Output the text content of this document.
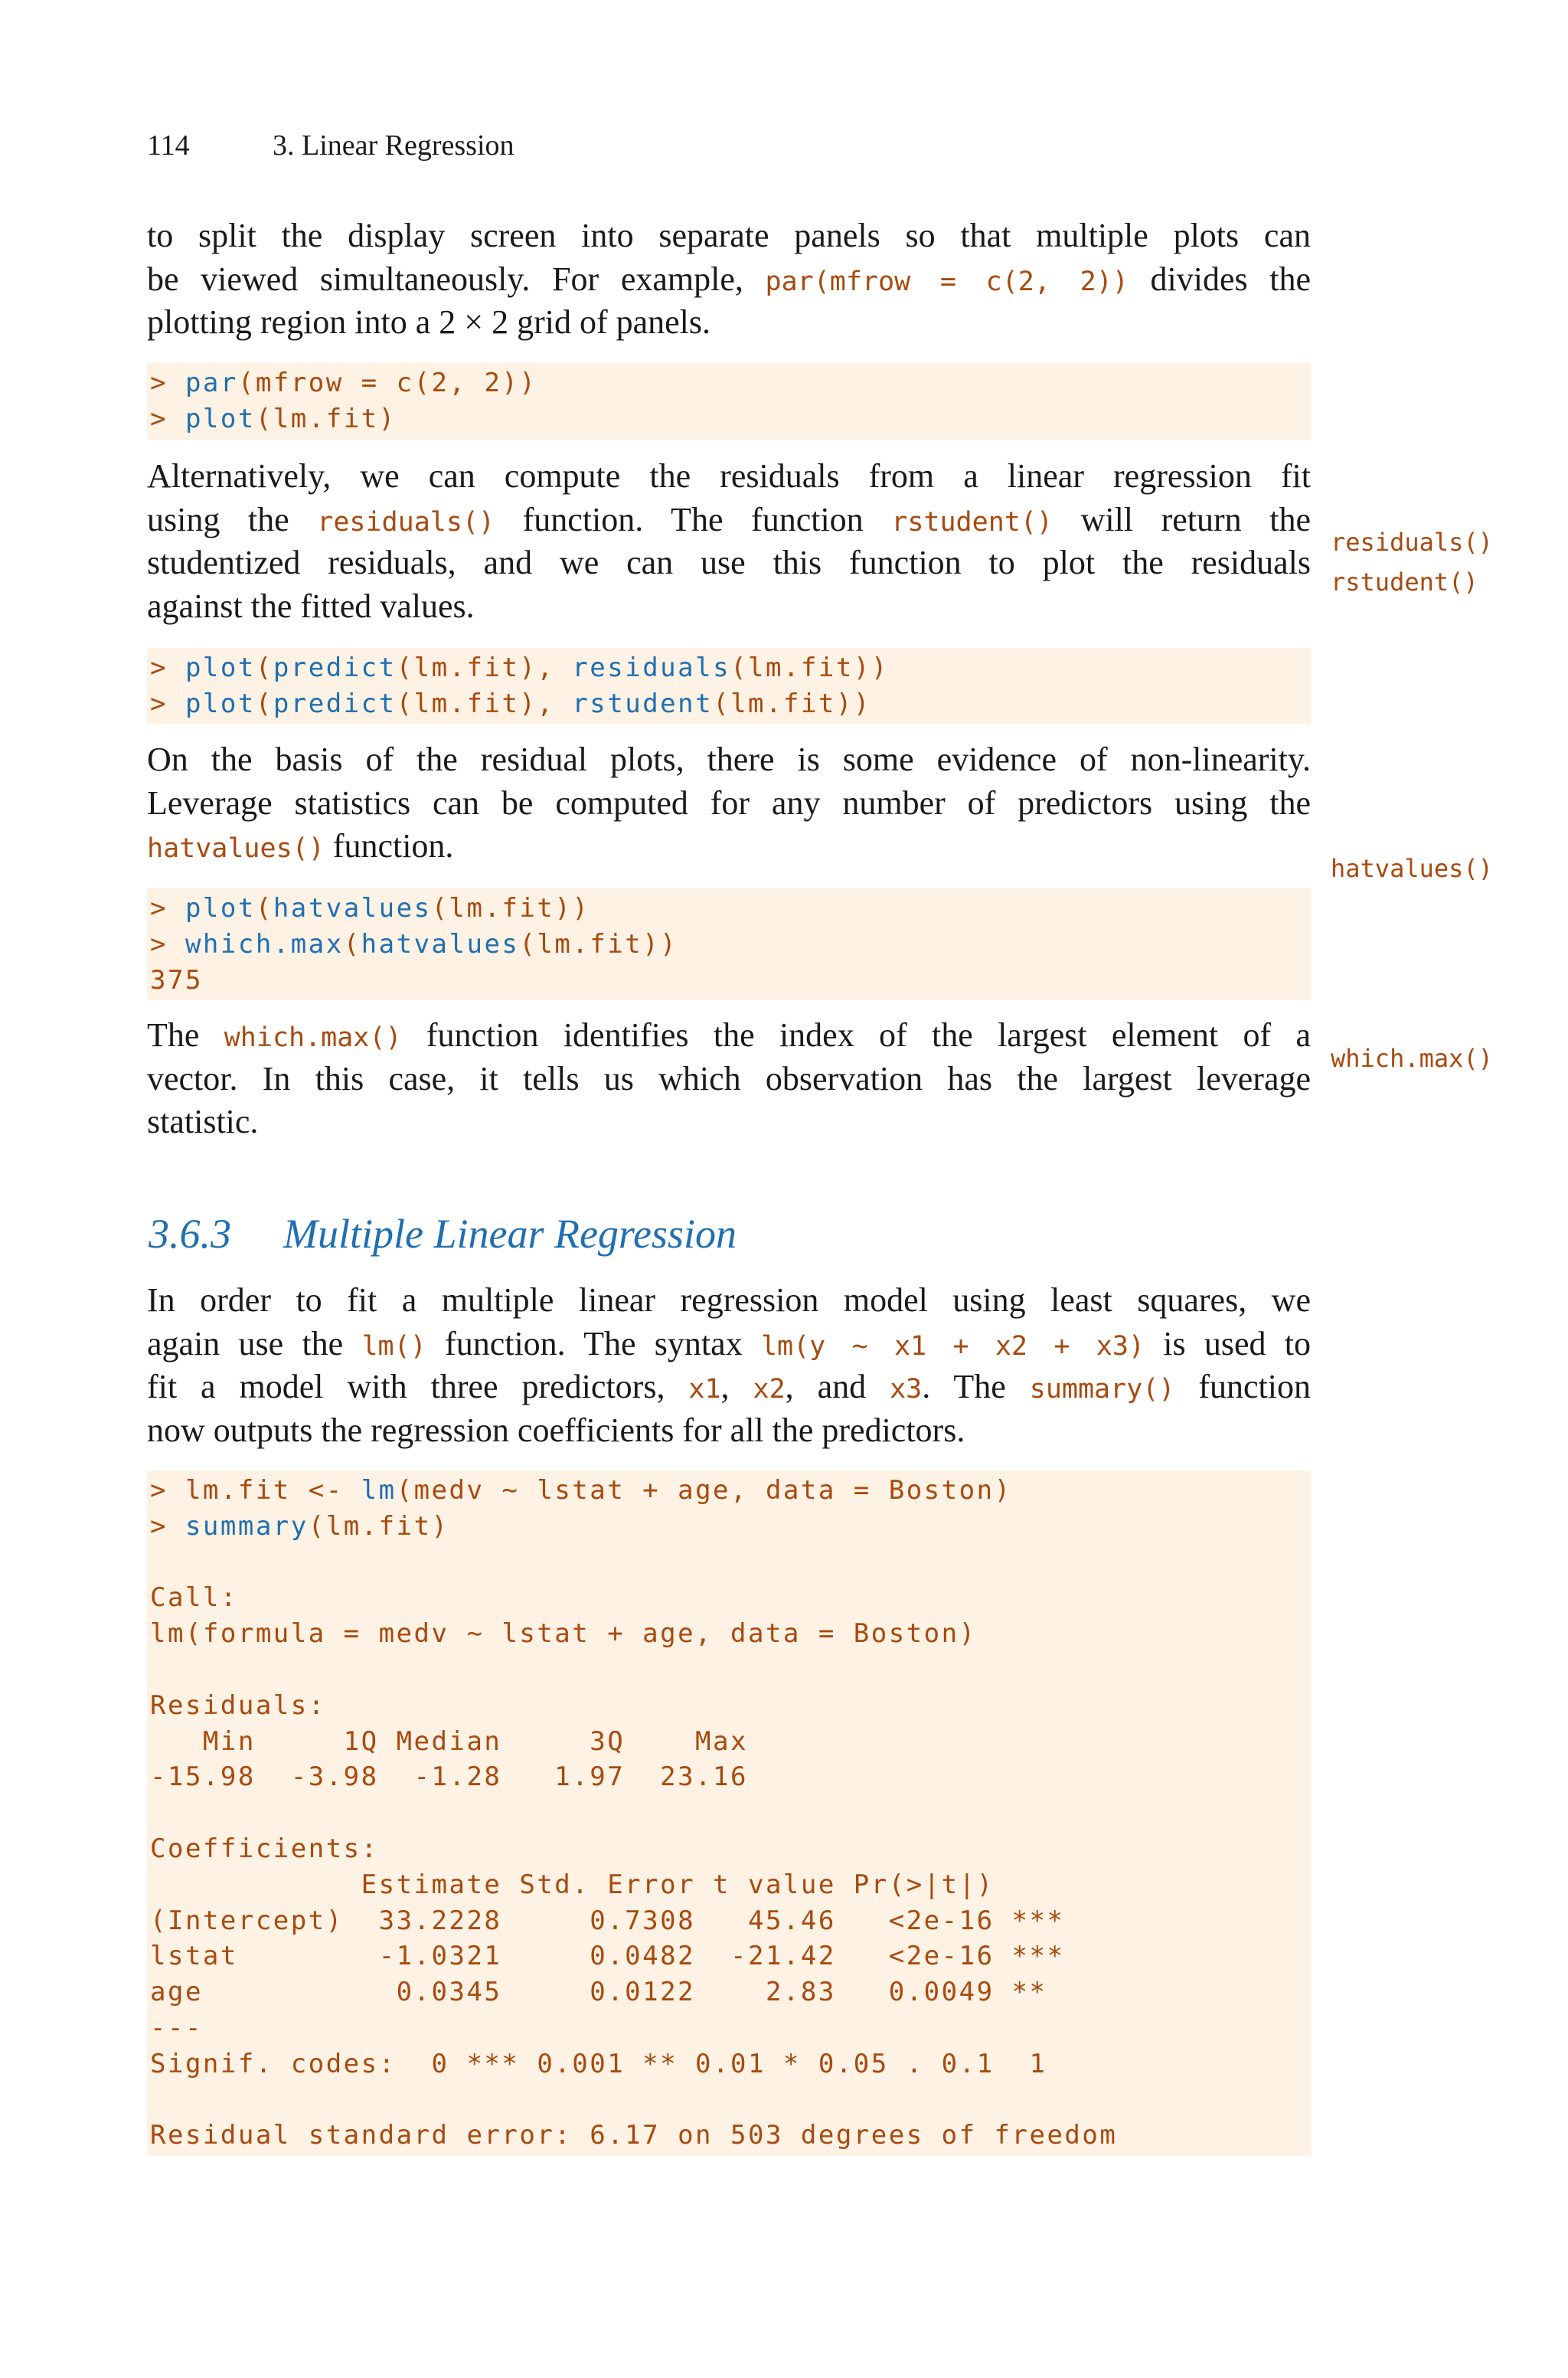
114	3. Linear Regression
to split the display screen into separate panels so that multiple plots can
be viewed simultaneously. For example, par(mfrow = c(2, 2)) divides the
plotting region into a 2 × 2 grid of panels.
> par(mfrow = c(2, 2))
> plot(lm.fit)
Alternatively, we can compute the residuals from a linear regression fit
using the residuals() function. The function rstudent() will return the
studentized residuals, and we can use this function to plot the residuals
against the fitted values.
residuals()
rstudent()
> plot(predict(lm.fit), residuals(lm.fit))
> plot(predict(lm.fit), rstudent(lm.fit))
On the basis of the residual plots, there is some evidence of non-linearity.
Leverage statistics can be computed for any number of predictors using the
hatvalues() function.
hatvalues()
> plot(hatvalues(lm.fit))
> which.max(hatvalues(lm.fit))
375
The which.max() function identifies the index of the largest element of a
vector. In this case, it tells us which observation has the largest leverage
statistic.
which.max()
3.6.3 Multiple Linear Regression
In order to fit a multiple linear regression model using least squares, we
again use the lm() function. The syntax lm(y ∼ x1 + x2 + x3) is used to
fit a model with three predictors, x1, x2, and x3. The summary() function
now outputs the regression coefficients for all the predictors.
> lm.fit <- lm(medv ∼ lstat + age, data = Boston)
> summary(lm.fit)
Call:
lm(formula = medv ∼ lstat + age, data = Boston)
Residuals:
Min     1Q Median     3Q    Max
-15.98  -3.98  -1.28   1.97  23.16
Coefficients:
Estimate Std. Error t value Pr(>|t|)
(Intercept)  33.2228     0.7308   45.46   <2e-16 ***
lstat        -1.0321     0.0482  -21.42   <2e-16 ***
age           0.0345     0.0122    2.83   0.0049 **
---
Signif. codes:  0 *** 0.001 ** 0.01 * 0.05 . 0.1  1
Residual standard error: 6.17 on 503 degrees of freedom
